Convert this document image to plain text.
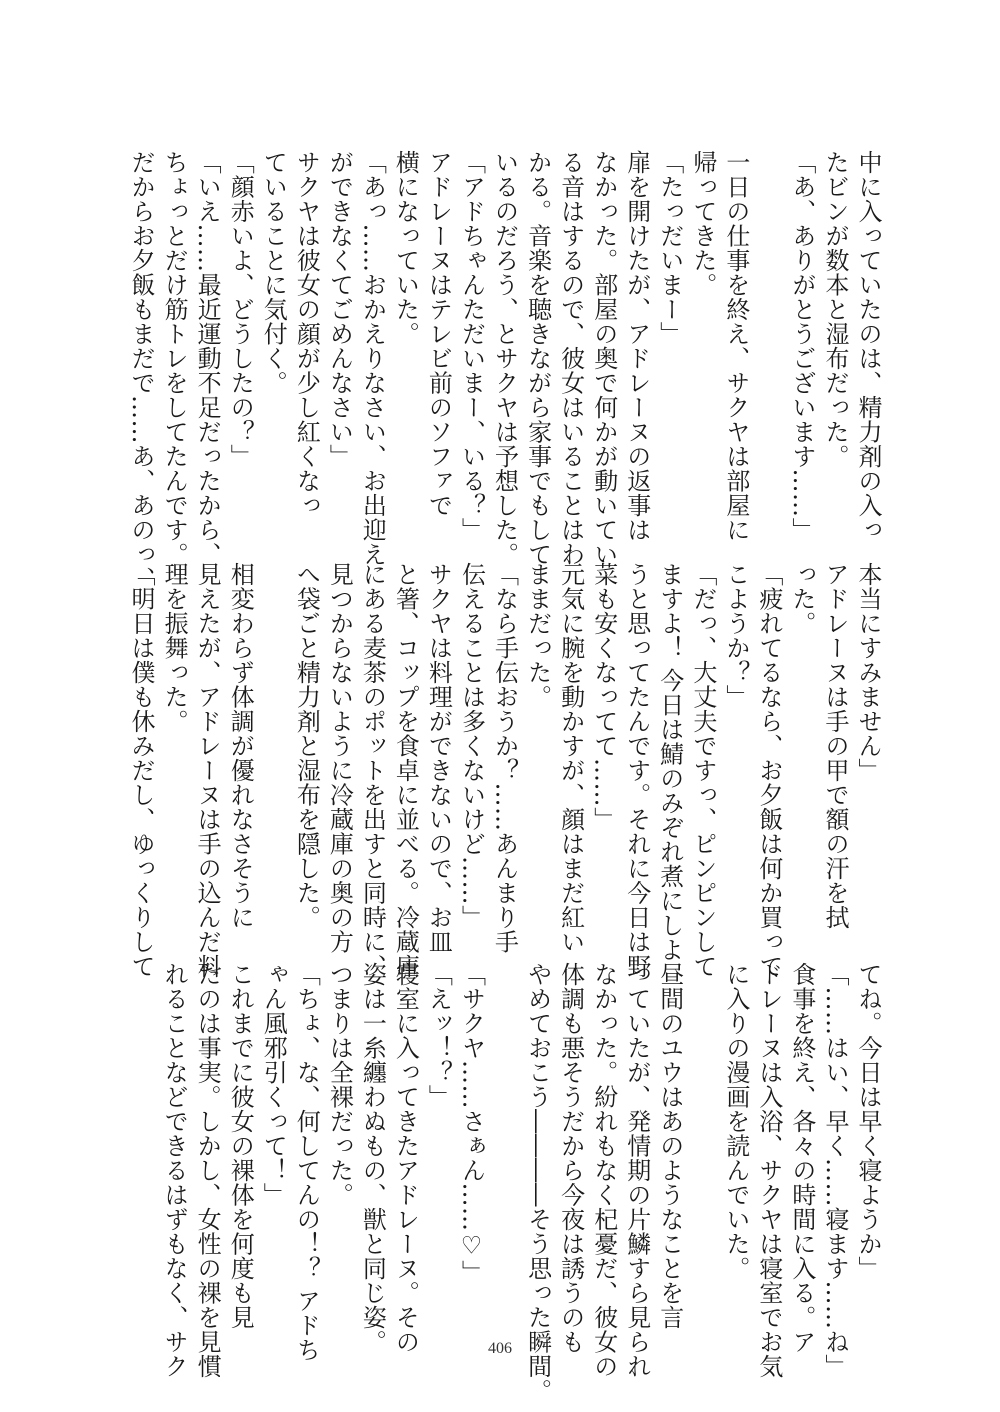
中に入っていたのは、精力剤の入っ
たビンが数本と湿布だった。
「あ、ありがとうございます……」
一日の仕事を終え、サクヤは部屋に
帰ってきた。
「たっだいまー」
扉を開けたが、アドレーヌの返事は
なかった。部屋の奥で何かが動いてい
る音はするので、彼女はいることはわ
かる。音楽を聴きながら家事でもして
いるのだろう、とサクヤは予想した。
「アドちゃんただいまー、いる？」
アドレーヌはテレビ前のソファで
横になっていた。
「あっ……おかえりなさい、お出迎え
ができなくてごめんなさい」
サクヤは彼女の顔が少し紅くなっ
ていることに気付く。
「顔赤いよ、どうしたの？」
「いえ……最近運動不足だったから、
ちょっとだけ筋トレをしてたんです。
だからお夕飯もまだで……あ、あのっ、
本当にすみません」
アドレーヌは手の甲で額の汗を拭
った。
「疲れてるなら、お夕飯は何か買って
こようか？」
「だっ、大丈夫ですっ、ピンピンして
ますよ！ 今日は鯖のみぞれ煮にしよ
うと思ってたんです。それに今日は野
菜も安くなってて……」
元気に腕を動かすが、顔はまだ紅い
ままだった。
「なら手伝おうか？……あんまり手
伝えることは多くないけど……」
サクヤは料理ができないので、お皿
と箸、コップを食卓に並べる。冷蔵庫
にある麦茶のポットを出すと同時に、
見つからないように冷蔵庫の奥の方
へ袋ごと精力剤と湿布を隠した。
相変わらず体調が優れなさそうに
見えたが、アドレーヌは手の込んだ料
理を振舞った。
「明日は僕も休みだし、ゆっくりして
てね。今日は早く寝ようか」
「……はい、早く……寝ます……ね」
食事を終え、各々の時間に入る。ア
ドレーヌは入浴、サクヤは寝室でお気
に入りの漫画を読んでいた。
昼間のユウはあのようなことを言
っていたが、発情期の片鱗すら見られ
なかった。紛れもなく杞憂だ、彼女の
体調も悪そうだから今夜は誘うのも
やめておこう――――そう思った瞬間。
「サクヤ……さぁん……♡」
「えッ！？」
寝室に入ってきたアドレーヌ。その
姿は一糸纏わぬもの、獣と同じ姿。
つまりは全裸だった。
「ちょ、な、何してんの！？ アドち
ゃん風邪引くって！」
これまでに彼女の裸体を何度も見
たのは事実。しかし、女性の裸を見慣
れることなどできるはずもなく、サク	406
